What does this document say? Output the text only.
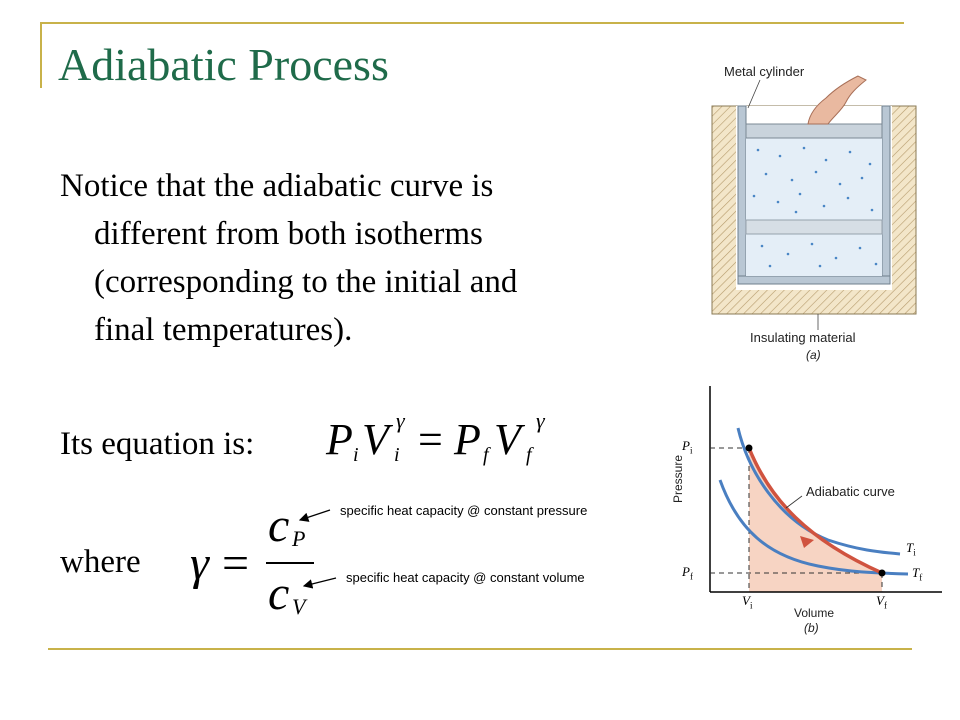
Adiabatic Process
Notice that the adiabatic curve is
different from both isotherms
(corresponding to the initial and
final temperatures).
Its equation is: P i V i
γ = P f V f
γ
where γ =
c P
c V
specific heat capacity @ constant pressure
specific heat capacity @ constant volume
Metal cylinder
Insulating material
(a)
Adiabatic curve
Pressure
Volume
(b)
$P_i$
$P_f$
$V_i$	$V_f$
$T_i$
$T_f$
